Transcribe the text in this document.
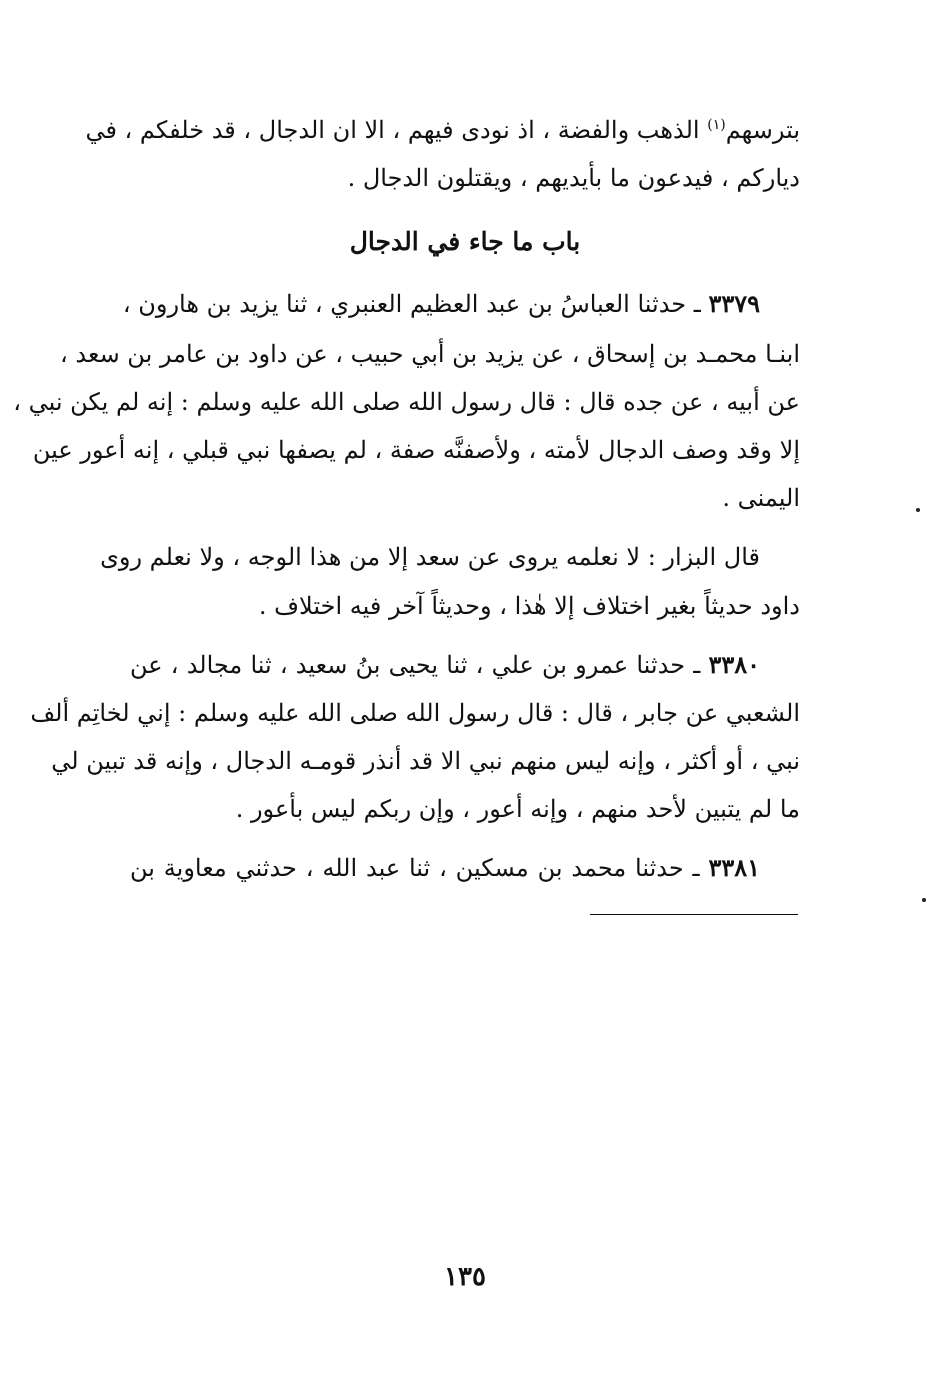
بترسهم$^{(١)}$ الذهب والفضة ، اذ نودى فيهم ، الا ان الدجال ، قد خلفكم ، في
دياركم ، فيدعون ما بأيديهم ، ويقتلون الدجال .
باب ما جاء في الدجال
٣٣٧٩ ـ حدثنا العباسُ بن عبد العظيم العنبري ، ثنا يزيد بن هارون ،
ابنـا محمـد بن إسحاق ، عن يزيد بن أبي حبيب ، عن داود بن عامر بن سعد ،
عن أبيه ، عن جده قال : قال رسول الله صلى الله عليه وسلم : إنه لم يكن نبي ،
إلا وقد وصف الدجال لأمته ، ولأصفنَّه صفة ، لم يصفها نبي قبلي ، إنه أعور عين
اليمنى .
قال البزار : لا نعلمه يروى عن سعد إلا من هذا الوجه ، ولا نعلم روى
داود حديثاً بغير اختلاف إلا هٰذا ، وحديثاً آخر فيه اختلاف .
٣٣٨٠ ـ حدثنا عمرو بن علي ، ثنا يحيى بنُ سعيد ، ثنا مجالد ، عن
الشعبي عن جابر ، قال : قال رسول الله صلى الله عليه وسلم : إني لخاتِم ألف
نبي ، أو أكثر ، وإنه ليس منهم نبي الا قد أنذر قومـه الدجال ، وإنه قد تبين لي
ما لم يتبين لأحد منهم ، وإنه أعور ، وإن ربكم ليس بأعور .
٣٣٨١ ـ حدثنا محمد بن مسكين ، ثنا عبد الله ، حدثني معاوية بن
١٣٥
